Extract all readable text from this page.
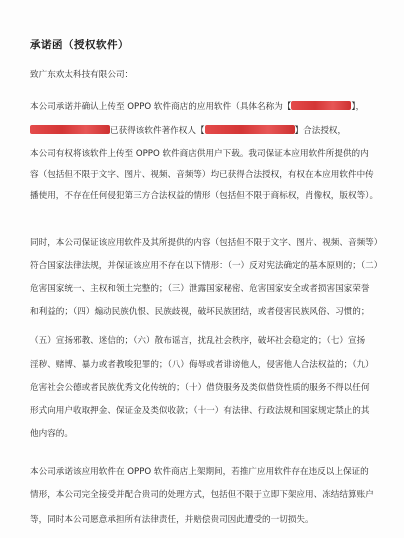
承诺函（授权软件）
致广东欢太科技有限公司：
本公司承诺并确认上传至 OPPO 软件商店的应用软件（具体名称为【	】，
已获得该软件著作权人【	】合法授权，
本公司有权将该软件上传至 OPPO 软件商店供用户下载。我司保证本应用软件所提供的内
容（包括但不限于文字、图片、视频、音频等）均已获得合法授权，有权在本应用软件中传
播使用，不存在任何侵犯第三方合法权益的情形（包括但不限于商标权，肖像权，版权等）。
同时，本公司保证该应用软件及其所提供的内容（包括但不限于文字、图片、视频、音频等）
符合国家法律法规，并保证该应用不存在以下情形：（一）反对宪法确定的基本原则的；（二）
危害国家统一、主权和领土完整的；（三）泄露国家秘密、危害国家安全或者损害国家荣誉
和利益的；（四）煽动民族仇恨、民族歧视，破坏民族团结，或者侵害民族风俗、习惯的；
（五）宣扬邪教、迷信的；（六）散布谣言，扰乱社会秩序，破坏社会稳定的；（七）宣扬
淫秽、赌博、暴力或者教唆犯罪的；（八）侮辱或者诽谤他人，侵害他人合法权益的；（九）
危害社会公德或者民族优秀文化传统的；（十）借贷服务及类似借贷性质的服务不得以任何
形式向用户收取押金、保证金及类似收款；（十一）有法律、行政法规和国家规定禁止的其
他内容的。
本公司承诺该应用软件在 OPPO 软件商店上架期间，若推广应用软件存在违反以上保证的
情形，本公司完全接受并配合贵司的处理方式，包括但不限于立即下架应用、冻结结算账户
等，同时本公司愿意承担所有法律责任，并赔偿贵司因此遭受的一切损失。
